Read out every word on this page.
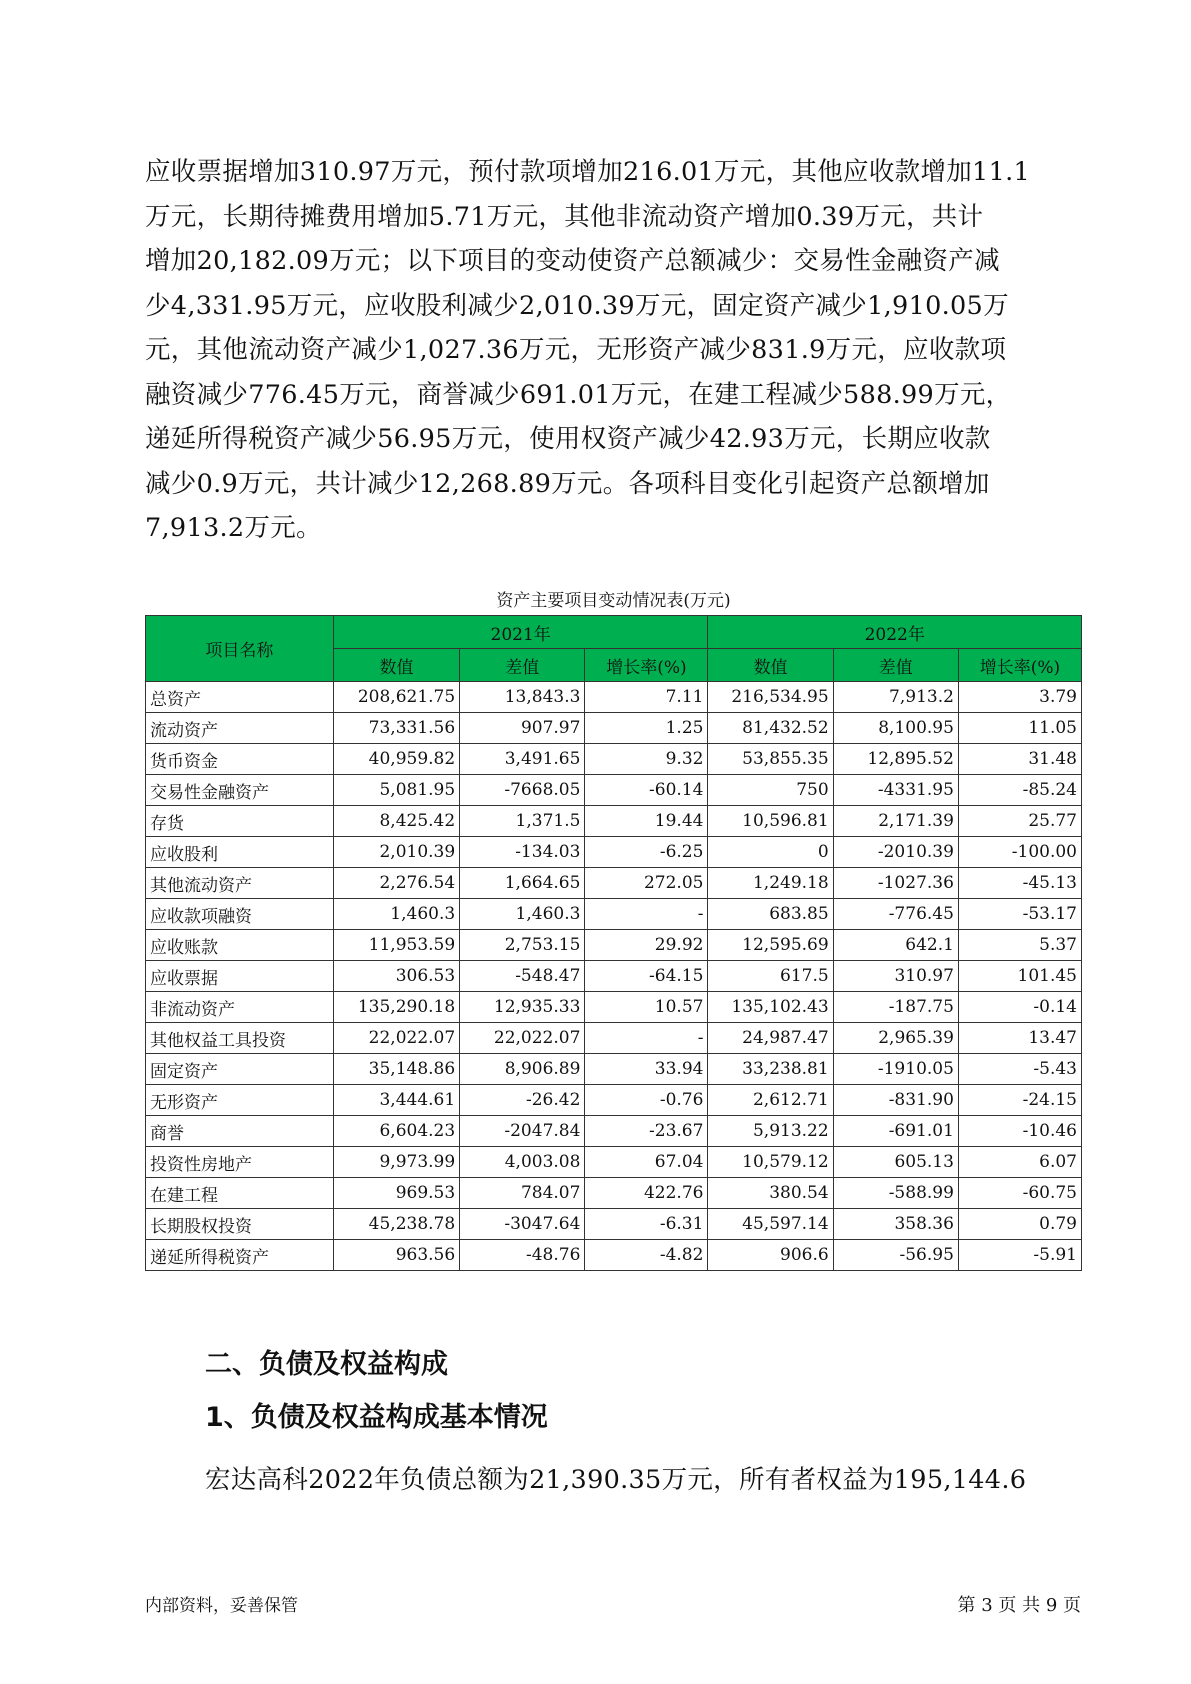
应收票据增加310.97万元，预付款项增加216.01万元，其他应收款增加11.1
万元，长期待摊费用增加5.71万元，其他非流动资产增加0.39万元，共计
增加20,182.09万元；以下项目的变动使资产总额减少：交易性金融资产减
少4,331.95万元，应收股利减少2,010.39万元，固定资产减少1,910.05万
元，其他流动资产减少1,027.36万元，无形资产减少831.9万元，应收款项
融资减少776.45万元，商誉减少691.01万元，在建工程减少588.99万元，
递延所得税资产减少56.95万元，使用权资产减少42.93万元，长期应收款
减少0.9万元，共计减少12,268.89万元。各项科目变化引起资产总额增加
7,913.2万元。
资产主要项目变动情况表(万元)
项目名称	2021年			2022年		
	数值	差值	增长率(%)	数值	差值	增长率(%)
总资产	208,621.75	13,843.3	7.11	216,534.95	7,913.2	3.79
流动资产	73,331.56	907.97	1.25	81,432.52	8,100.95	11.05
货币资金	40,959.82	3,491.65	9.32	53,855.35	12,895.52	31.48
交易性金融资产	5,081.95	-7668.05	-60.14	750	-4331.95	-85.24
存货	8,425.42	1,371.5	19.44	10,596.81	2,171.39	25.77
应收股利	2,010.39	-134.03	-6.25	0	-2010.39	-100.00
其他流动资产	2,276.54	1,664.65	272.05	1,249.18	-1027.36	-45.13
应收款项融资	1,460.3	1,460.3	-	683.85	-776.45	-53.17
应收账款	11,953.59	2,753.15	29.92	12,595.69	642.1	5.37
应收票据	306.53	-548.47	-64.15	617.5	310.97	101.45
非流动资产	135,290.18	12,935.33	10.57	135,102.43	-187.75	-0.14
其他权益工具投资	22,022.07	22,022.07	-	24,987.47	2,965.39	13.47
固定资产	35,148.86	8,906.89	33.94	33,238.81	-1910.05	-5.43
无形资产	3,444.61	-26.42	-0.76	2,612.71	-831.90	-24.15
商誉	6,604.23	-2047.84	-23.67	5,913.22	-691.01	-10.46
投资性房地产	9,973.99	4,003.08	67.04	10,579.12	605.13	6.07
在建工程	969.53	784.07	422.76	380.54	-588.99	-60.75
长期股权投资	45,238.78	-3047.64	-6.31	45,597.14	358.36	0.79
递延所得税资产	963.56	-48.76	-4.82	906.6	-56.95	-5.91
二、负债及权益构成
1、负债及权益构成基本情况
宏达高科2022年负债总额为21,390.35万元，所有者权益为195,144.6
内部资料，妥善保管	第 3 页 共 9 页
